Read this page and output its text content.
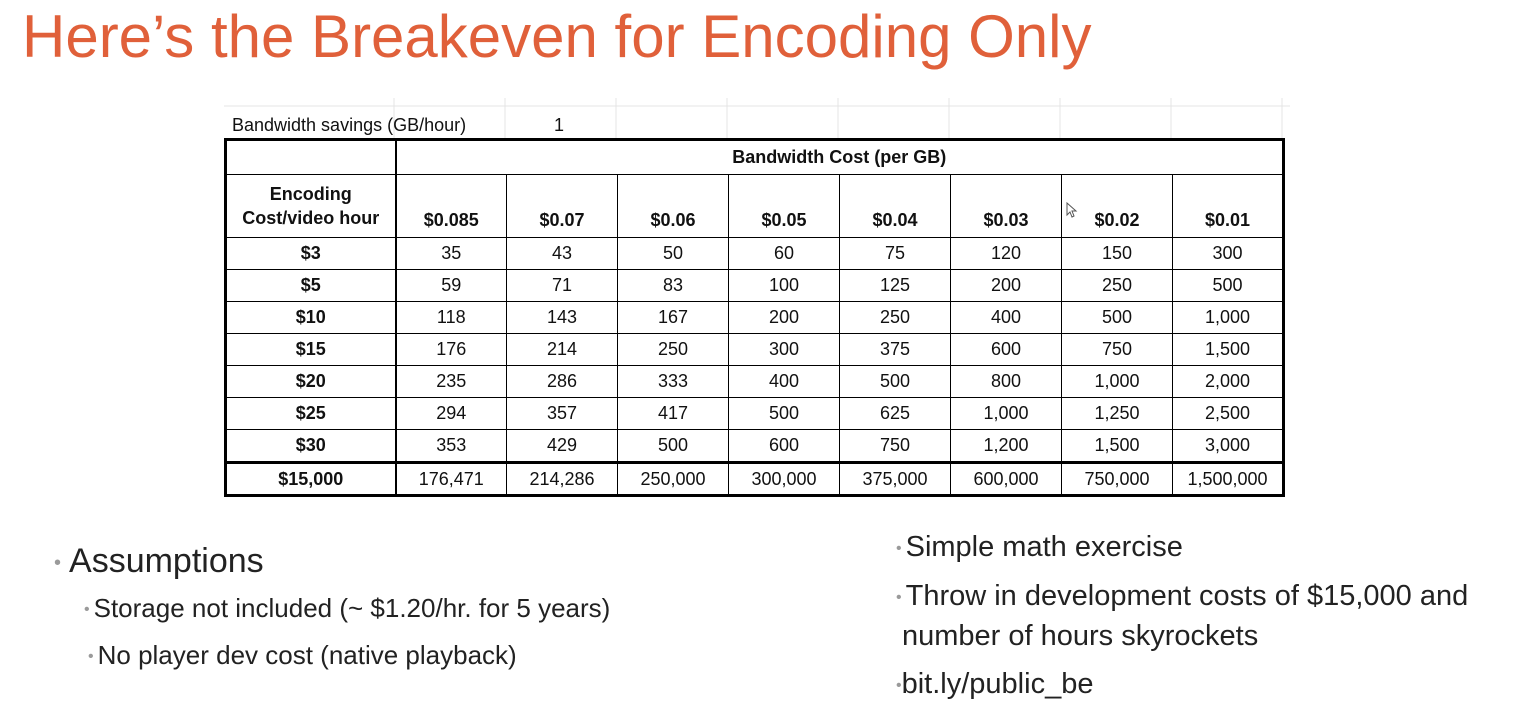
Here’s the Breakeven for Encoding Only
Bandwidth savings (GB/hour)	1
	Bandwidth Cost (per GB)							
Encoding Cost/video hour	$0.085	$0.07	$0.06	$0.05	$0.04	$0.03	$0.02	$0.01
$3	35	43	50	60	75	120	150	300
$5	59	71	83	100	125	200	250	500
$10	118	143	167	200	250	400	500	1,000
$15	176	214	250	300	375	600	750	1,500
$20	235	286	333	400	500	800	1,000	2,000
$25	294	357	417	500	625	1,000	1,250	2,500
$30	353	429	500	600	750	1,200	1,500	3,000
$15,000	176,471	214,286	250,000	300,000	375,000	600,000	750,000	1,500,000
• Assumptions
• Storage not included (~ $1.20/hr. for 5 years)
• No player dev cost (native playback)
• Simple math exercise
• Throw in development costs of $15,000 and number of hours skyrockets
•bit.ly/public_be
